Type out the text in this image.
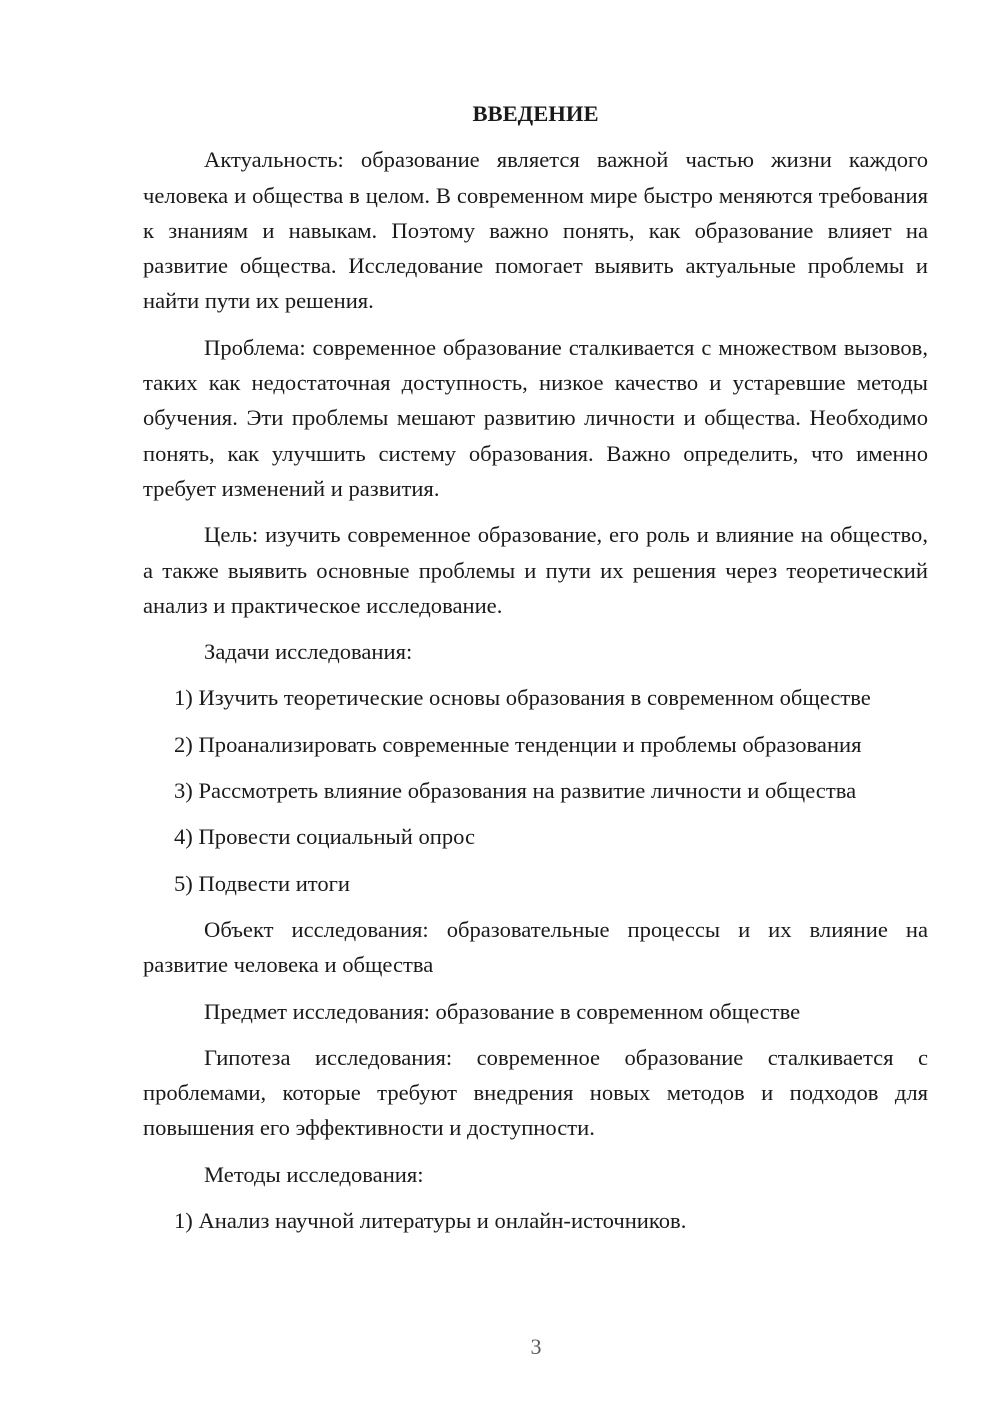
ВВЕДЕНИЕ

Актуальность: образование является важной частью жизни каждого человека и общества в целом. В современном мире быстро меняются требования к знаниям и навыкам. Поэтому важно понять, как образование влияет на развитие общества. Исследование помогает выявить актуальные проблемы и найти пути их решения.

Проблема: современное образование сталкивается с множеством вызовов, таких как недостаточная доступность, низкое качество и устаревшие методы обучения. Эти проблемы мешают развитию личности и общества. Необходимо понять, как улучшить систему образования. Важно определить, что именно требует изменений и развития.

Цель: изучить современное образование, его роль и влияние на общество, а также выявить основные проблемы и пути их решения через теоретический анализ и практическое исследование.

Задачи исследования:

1) Изучить теоретические основы образования в современном обществе

2) Проанализировать современные тенденции и проблемы образования

3) Рассмотреть влияние образования на развитие личности и общества

4) Провести социальный опрос

5) Подвести итоги

Объект исследования: образовательные процессы и их влияние на развитие человека и общества

Предмет исследования: образование в современном обществе

Гипотеза исследования: современное образование сталкивается с проблемами, которые требуют внедрения новых методов и подходов для повышения его эффективности и доступности.

Методы исследования:

1) Анализ научной литературы и онлайн-источников.

3
